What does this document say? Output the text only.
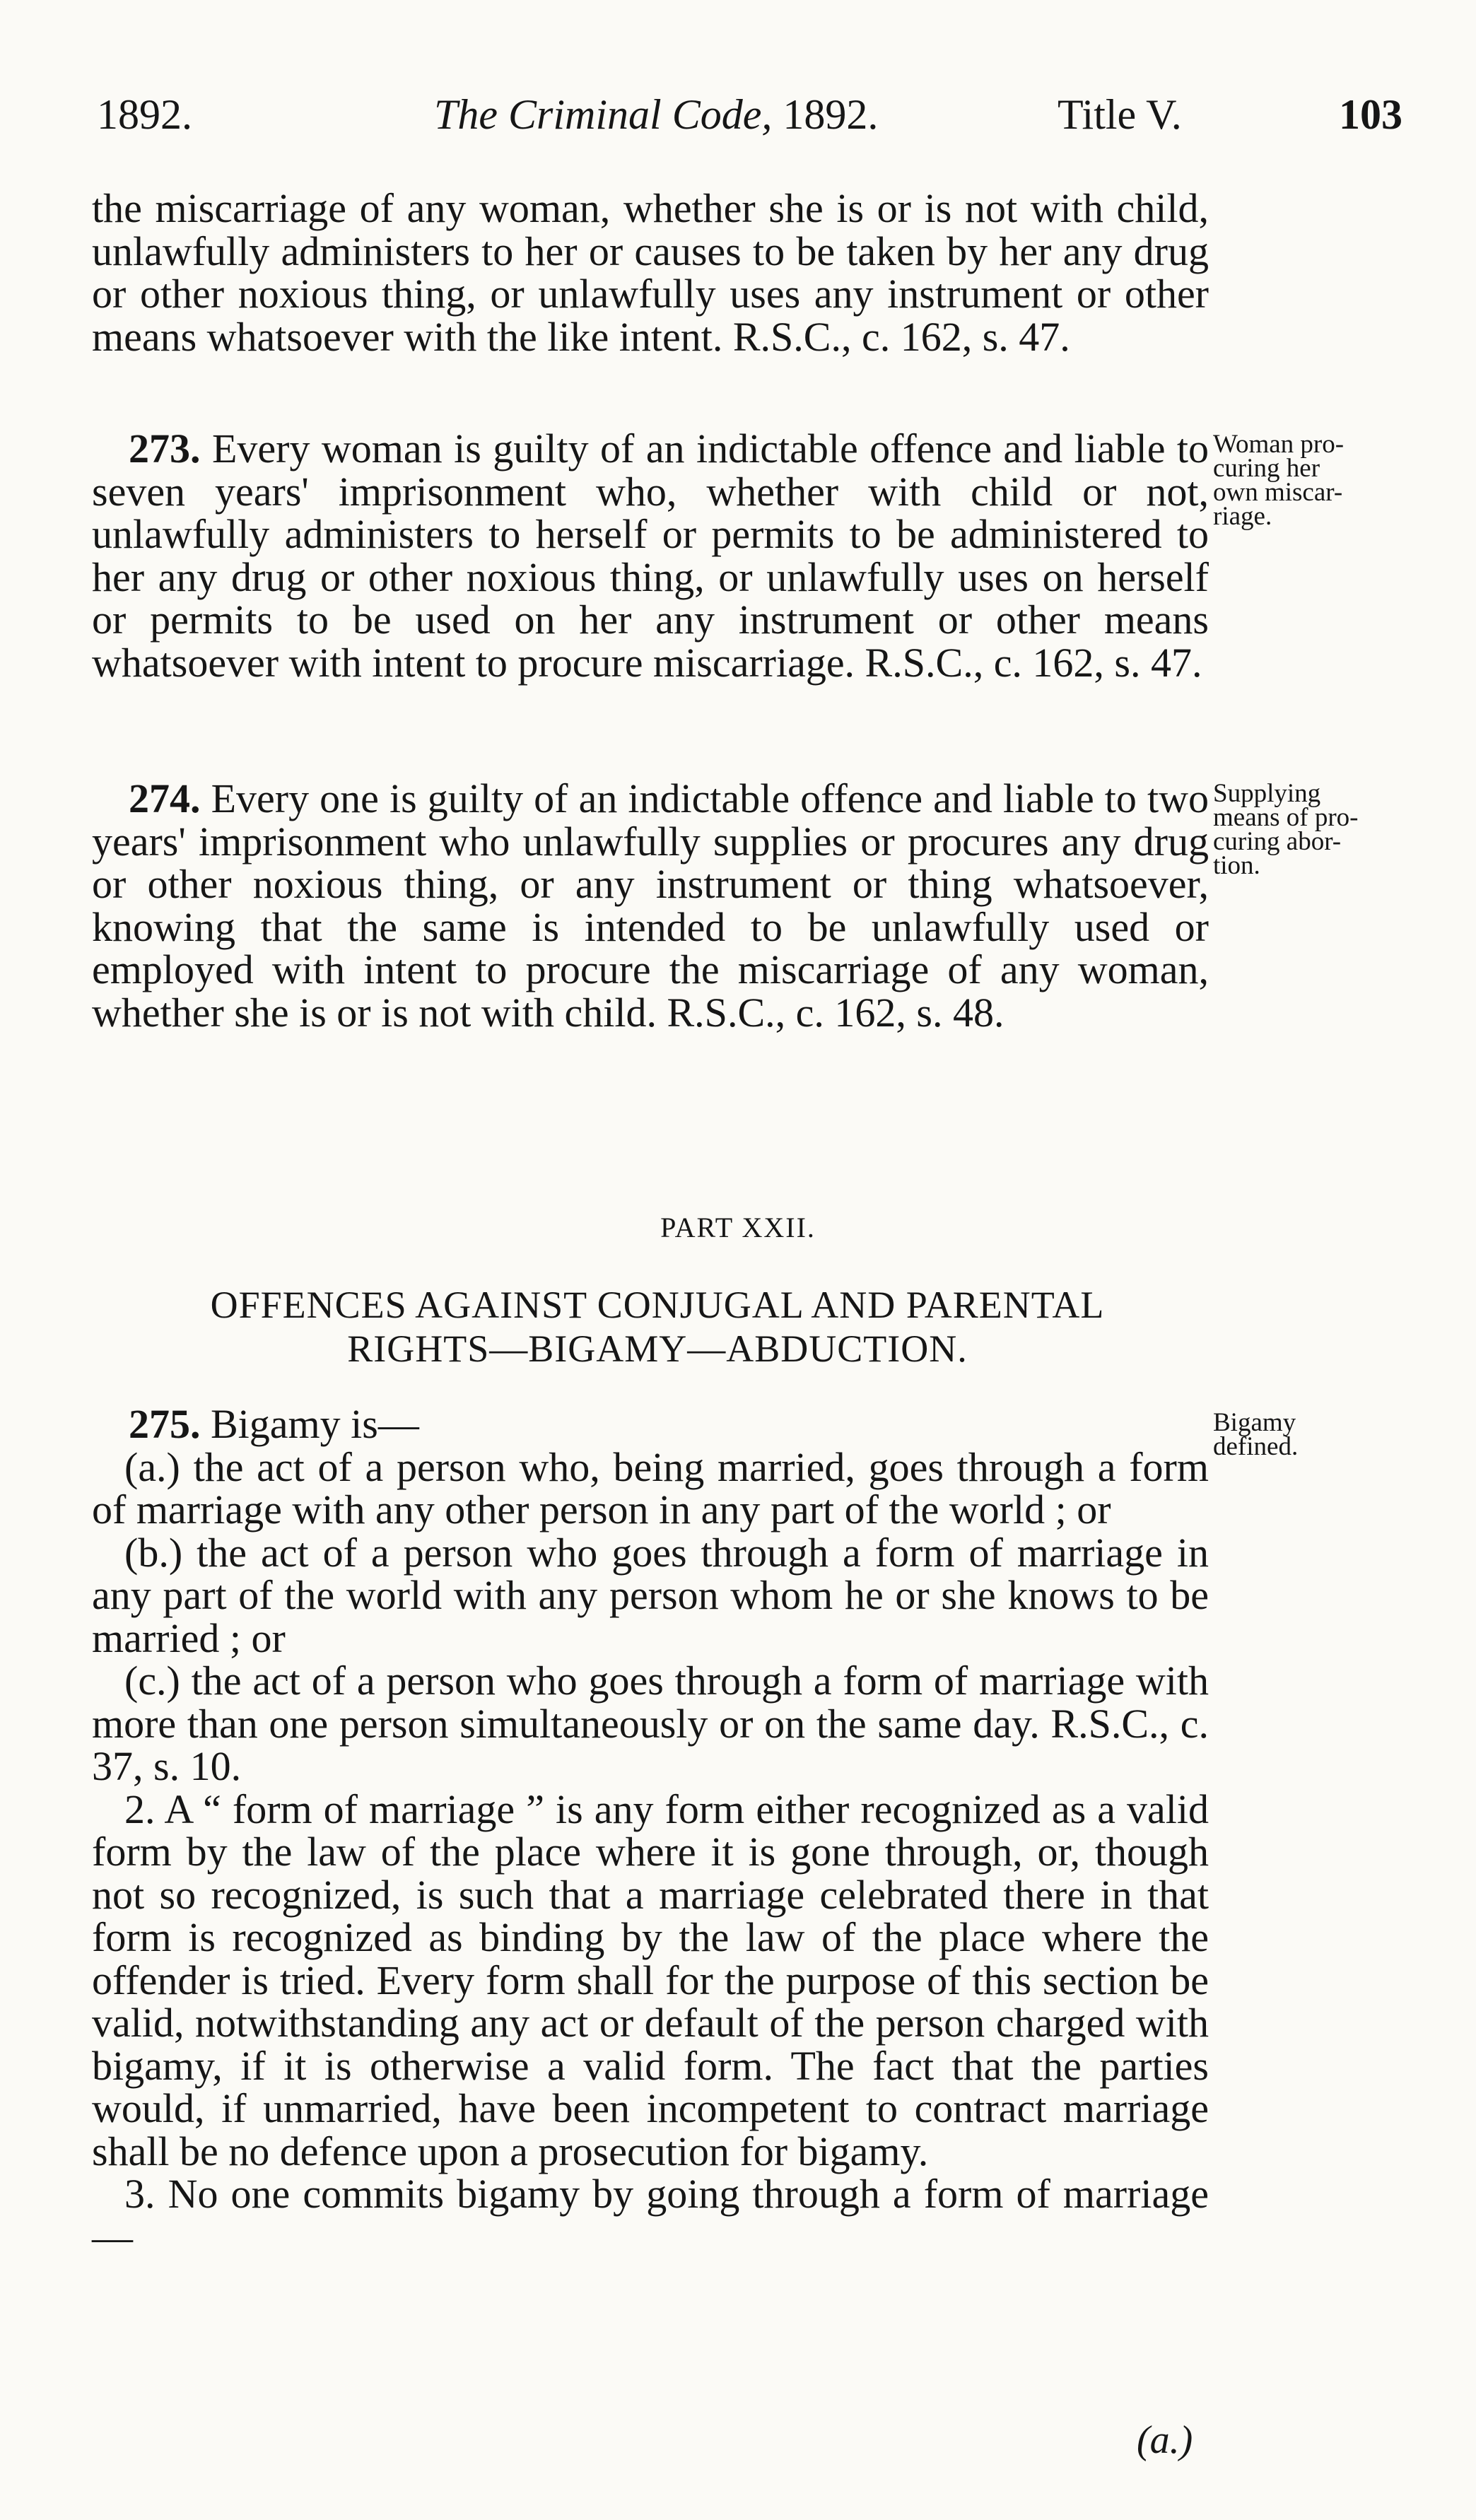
1892.	The Criminal Code, 1892.	Title V.	103

the miscarriage of any woman, whether she is or is not with child, unlawfully administers to her or causes to be taken by her any drug or other noxious thing, or unlawfully uses any instrument or other means whatsoever with the like intent. R.S.C., c. 162, s. 47.

273. Every woman is guilty of an indictable offence and liable to seven years' imprisonment who, whether with child or not, unlawfully administers to herself or permits to be administered to her any drug or other noxious thing, or unlawfully uses on herself or permits to be used on her any instrument or other means whatsoever with intent to procure miscarriage. R.S.C., c. 162, s. 47.

Woman pro-
curing her
own miscar-
riage.

274. Every one is guilty of an indictable offence and liable to two years' imprisonment who unlawfully supplies or procures any drug or other noxious thing, or any instrument or thing whatsoever, knowing that the same is intended to be unlawfully used or employed with intent to procure the miscarriage of any woman, whether she is or is not with child. R.S.C., c. 162, s. 48.

Supplying
means of pro-
curing abor-
tion.
PART XXII.
OFFENCES AGAINST CONJUGAL AND PARENTAL
RIGHTS—BIGAMY—ABDUCTION.

275. Bigamy is—

(a.) the act of a person who, being married, goes through a form of marriage with any other person in any part of the world ; or

(b.) the act of a person who goes through a form of marriage in any part of the world with any person whom he or she knows to be married ; or

(c.) the act of a person who goes through a form of marriage with more than one person simultaneously or on the same day. R.S.C., c. 37, s. 10.

2. A “ form of marriage ” is any form either recognized as a valid form by the law of the place where it is gone through, or, though not so recognized, is such that a marriage celebrated there in that form is recognized as binding by the law of the place where the offender is tried. Every form shall for the purpose of this section be valid, notwithstanding any act or default of the person charged with bigamy, if it is otherwise a valid form. The fact that the parties would, if unmarried, have been incompetent to contract marriage shall be no defence upon a prosecution for bigamy.

3. No one commits bigamy by going through a form of marriage—

Bigamy
defined.
(a.)
